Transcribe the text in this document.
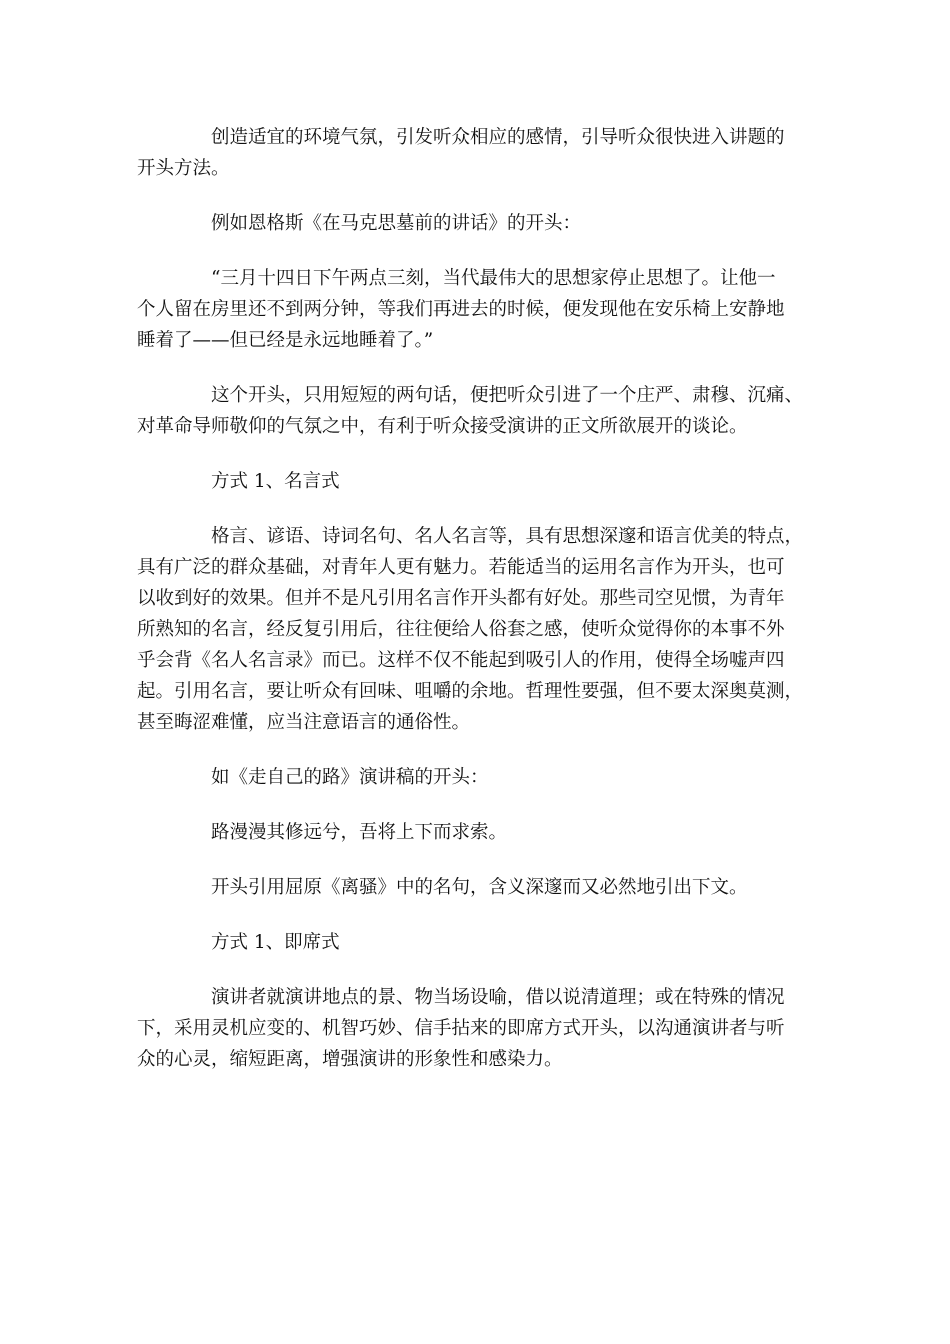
　　　　创造适宜的环境气氛，引发听众相应的感情，引导听众很快进入讲题的
开头方法。

　　　　例如恩格斯《在马克思墓前的讲话》的开头：

　　　　“三月十四日下午两点三刻，当代最伟大的思想家停止思想了。让他一
个人留在房里还不到两分钟，等我们再进去的时候，便发现他在安乐椅上安静地
睡着了——但已经是永远地睡着了。”

　　　　这个开头，只用短短的两句话，便把听众引进了一个庄严、肃穆、沉痛、
对革命导师敬仰的气氛之中，有利于听众接受演讲的正文所欲展开的谈论。

　　　　方式 1、名言式

　　　　格言、谚语、诗词名句、名人名言等，具有思想深邃和语言优美的特点，
具有广泛的群众基础，对青年人更有魅力。若能适当的运用名言作为开头，也可
以收到好的效果。但并不是凡引用名言作开头都有好处。那些司空见惯，为青年
所熟知的名言，经反复引用后，往往便给人俗套之感，使听众觉得你的本事不外
乎会背《名人名言录》而已。这样不仅不能起到吸引人的作用，使得全场嘘声四
起。引用名言，要让听众有回味、咀嚼的余地。哲理性要强，但不要太深奥莫测，
甚至晦涩难懂，应当注意语言的通俗性。

　　　　如《走自己的路》演讲稿的开头：

　　　　路漫漫其修远兮，吾将上下而求索。

　　　　开头引用屈原《离骚》中的名句，含义深邃而又必然地引出下文。

　　　　方式 1、即席式

　　　　演讲者就演讲地点的景、物当场设喻，借以说清道理；或在特殊的情况
下，采用灵机应变的、机智巧妙、信手拈来的即席方式开头，以沟通演讲者与听
众的心灵，缩短距离，增强演讲的形象性和感染力。
